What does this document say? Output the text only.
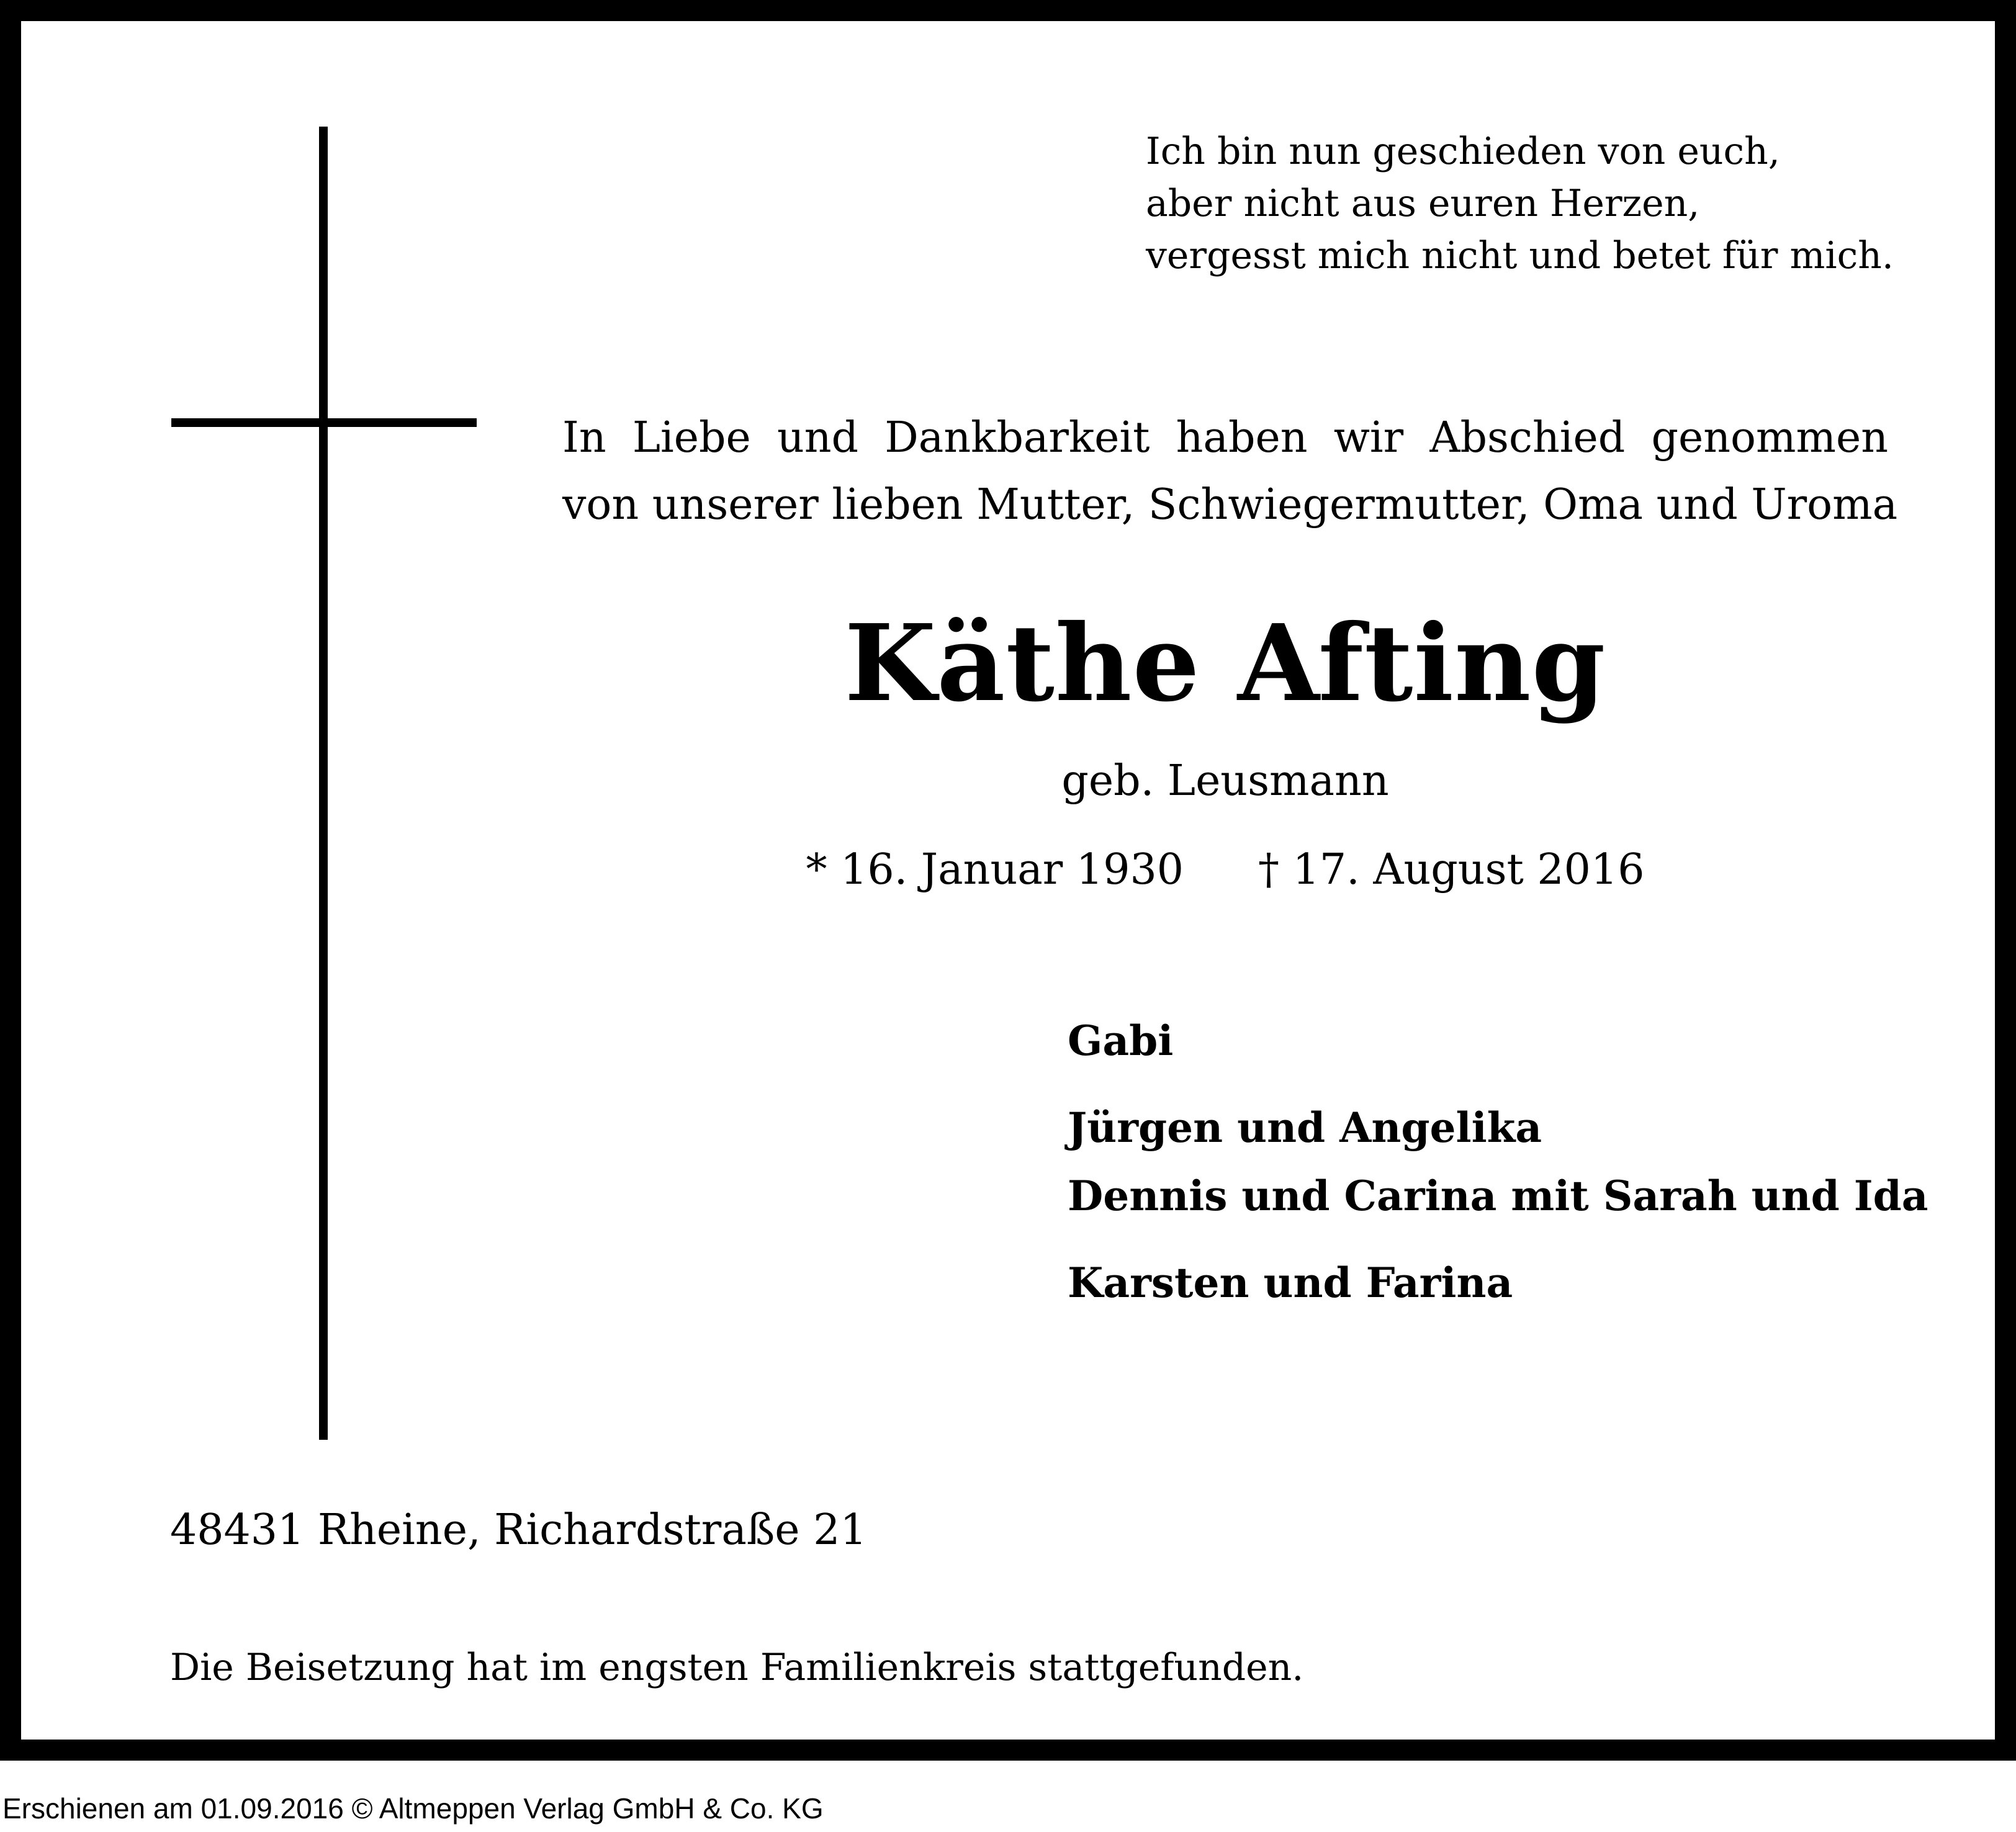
Ich bin nun geschieden von euch,
aber nicht aus euren Herzen,
vergesst mich nicht und betet für mich.
In Liebe und Dankbarkeit haben wir Abschied genommen
von unserer lieben Mutter, Schwiegermutter, Oma und Uroma
Käthe Afting
geb. Leusmann
* 16. Januar 1930 † 17. August 2016
Gabi
Jürgen und Angelika
Dennis und Carina mit Sarah und Ida
Karsten und Farina
48431 Rheine, Richardstraße 21
Die Beisetzung hat im engsten Familienkreis stattgefunden.
Erschienen am 01.09.2016 © Altmeppen Verlag GmbH & Co. KG
